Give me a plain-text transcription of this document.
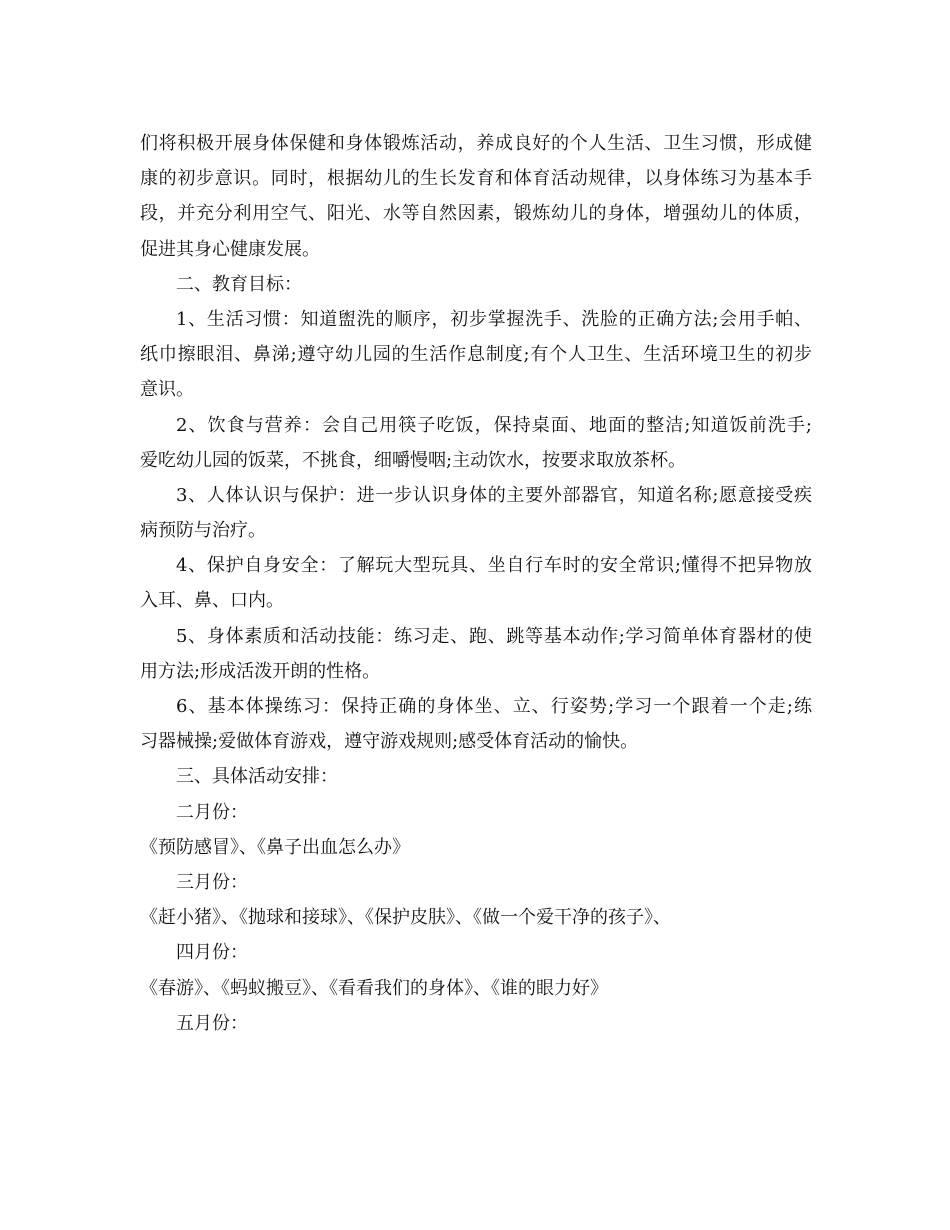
们将积极开展身体保健和身体锻炼活动，养成良好的个人生活、卫生习惯，形成健
康的初步意识。同时，根据幼儿的生长发育和体育活动规律，以身体练习为基本手
段，并充分利用空气、阳光、水等自然因素，锻炼幼儿的身体，增强幼儿的体质，
促进其身心健康发展。
二、教育目标：
1、生活习惯：知道盥洗的顺序，初步掌握洗手、洗脸的正确方法;会用手帕、
纸巾擦眼泪、鼻涕;遵守幼儿园的生活作息制度;有个人卫生、生活环境卫生的初步
意识。
2、饮食与营养：会自己用筷子吃饭，保持桌面、地面的整洁;知道饭前洗手;
爱吃幼儿园的饭菜，不挑食，细嚼慢咽;主动饮水，按要求取放茶杯。
3、人体认识与保护：进一步认识身体的主要外部器官，知道名称;愿意接受疾
病预防与治疗。
4、保护自身安全：了解玩大型玩具、坐自行车时的安全常识;懂得不把异物放
入耳、鼻、口内。
5、身体素质和活动技能：练习走、跑、跳等基本动作;学习简单体育器材的使
用方法;形成活泼开朗的性格。
6、基本体操练习：保持正确的身体坐、立、行姿势;学习一个跟着一个走;练
习器械操;爱做体育游戏，遵守游戏规则;感受体育活动的愉快。
三、具体活动安排：
二月份：
《预防感冒》、《鼻子出血怎么办》
三月份：
《赶小猪》、《抛球和接球》、《保护皮肤》、《做一个爱干净的孩子》、
四月份：
《春游》、《蚂蚁搬豆》、《看看我们的身体》、《谁的眼力好》
五月份：
